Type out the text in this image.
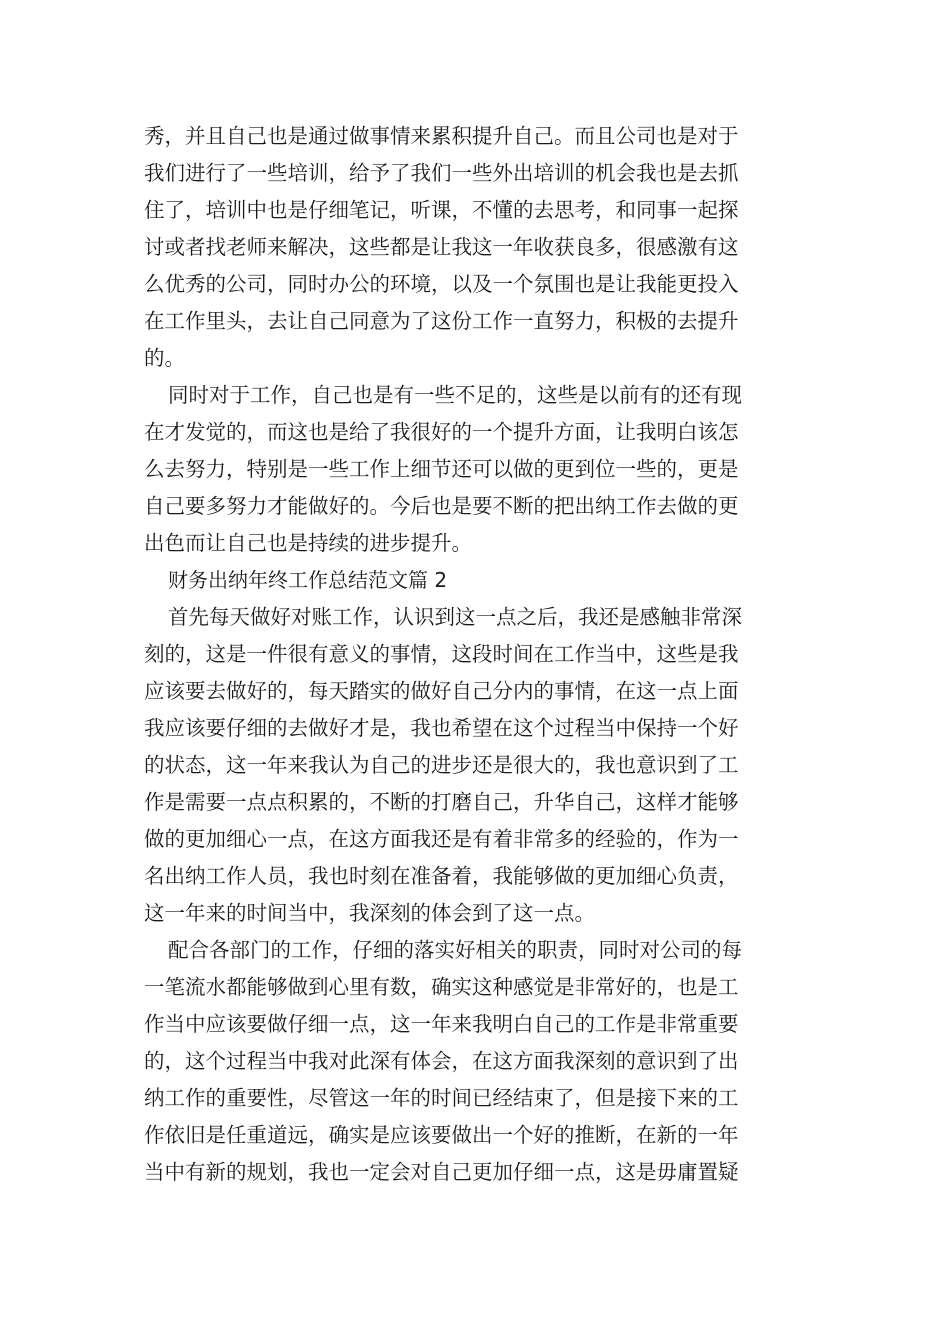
秀，并且自己也是通过做事情来累积提升自己。而且公司也是对于
我们进行了一些培训，给予了我们一些外出培训的机会我也是去抓
住了，培训中也是仔细笔记，听课，不懂的去思考，和同事一起探
讨或者找老师来解决，这些都是让我这一年收获良多，很感激有这
么优秀的公司，同时办公的环境，以及一个氛围也是让我能更投入
在工作里头，去让自己同意为了这份工作一直努力，积极的去提升
的。
同时对于工作，自己也是有一些不足的，这些是以前有的还有现
在才发觉的，而这也是给了我很好的一个提升方面，让我明白该怎
么去努力，特别是一些工作上细节还可以做的更到位一些的，更是
自己要多努力才能做好的。今后也是要不断的把出纳工作去做的更
出色而让自己也是持续的进步提升。
财务出纳年终工作总结范文篇 2
首先每天做好对账工作，认识到这一点之后，我还是感触非常深
刻的，这是一件很有意义的事情，这段时间在工作当中，这些是我
应该要去做好的，每天踏实的做好自己分内的事情，在这一点上面
我应该要仔细的去做好才是，我也希望在这个过程当中保持一个好
的状态，这一年来我认为自己的进步还是很大的，我也意识到了工
作是需要一点点积累的，不断的打磨自己，升华自己，这样才能够
做的更加细心一点，在这方面我还是有着非常多的经验的，作为一
名出纳工作人员，我也时刻在准备着，我能够做的更加细心负责，
这一年来的时间当中，我深刻的体会到了这一点。
配合各部门的工作，仔细的落实好相关的职责，同时对公司的每
一笔流水都能够做到心里有数，确实这种感觉是非常好的，也是工
作当中应该要做仔细一点，这一年来我明白自己的工作是非常重要
的，这个过程当中我对此深有体会，在这方面我深刻的意识到了出
纳工作的重要性，尽管这一年的时间已经结束了，但是接下来的工
作依旧是任重道远，确实是应该要做出一个好的推断，在新的一年
当中有新的规划，我也一定会对自己更加仔细一点，这是毋庸置疑
